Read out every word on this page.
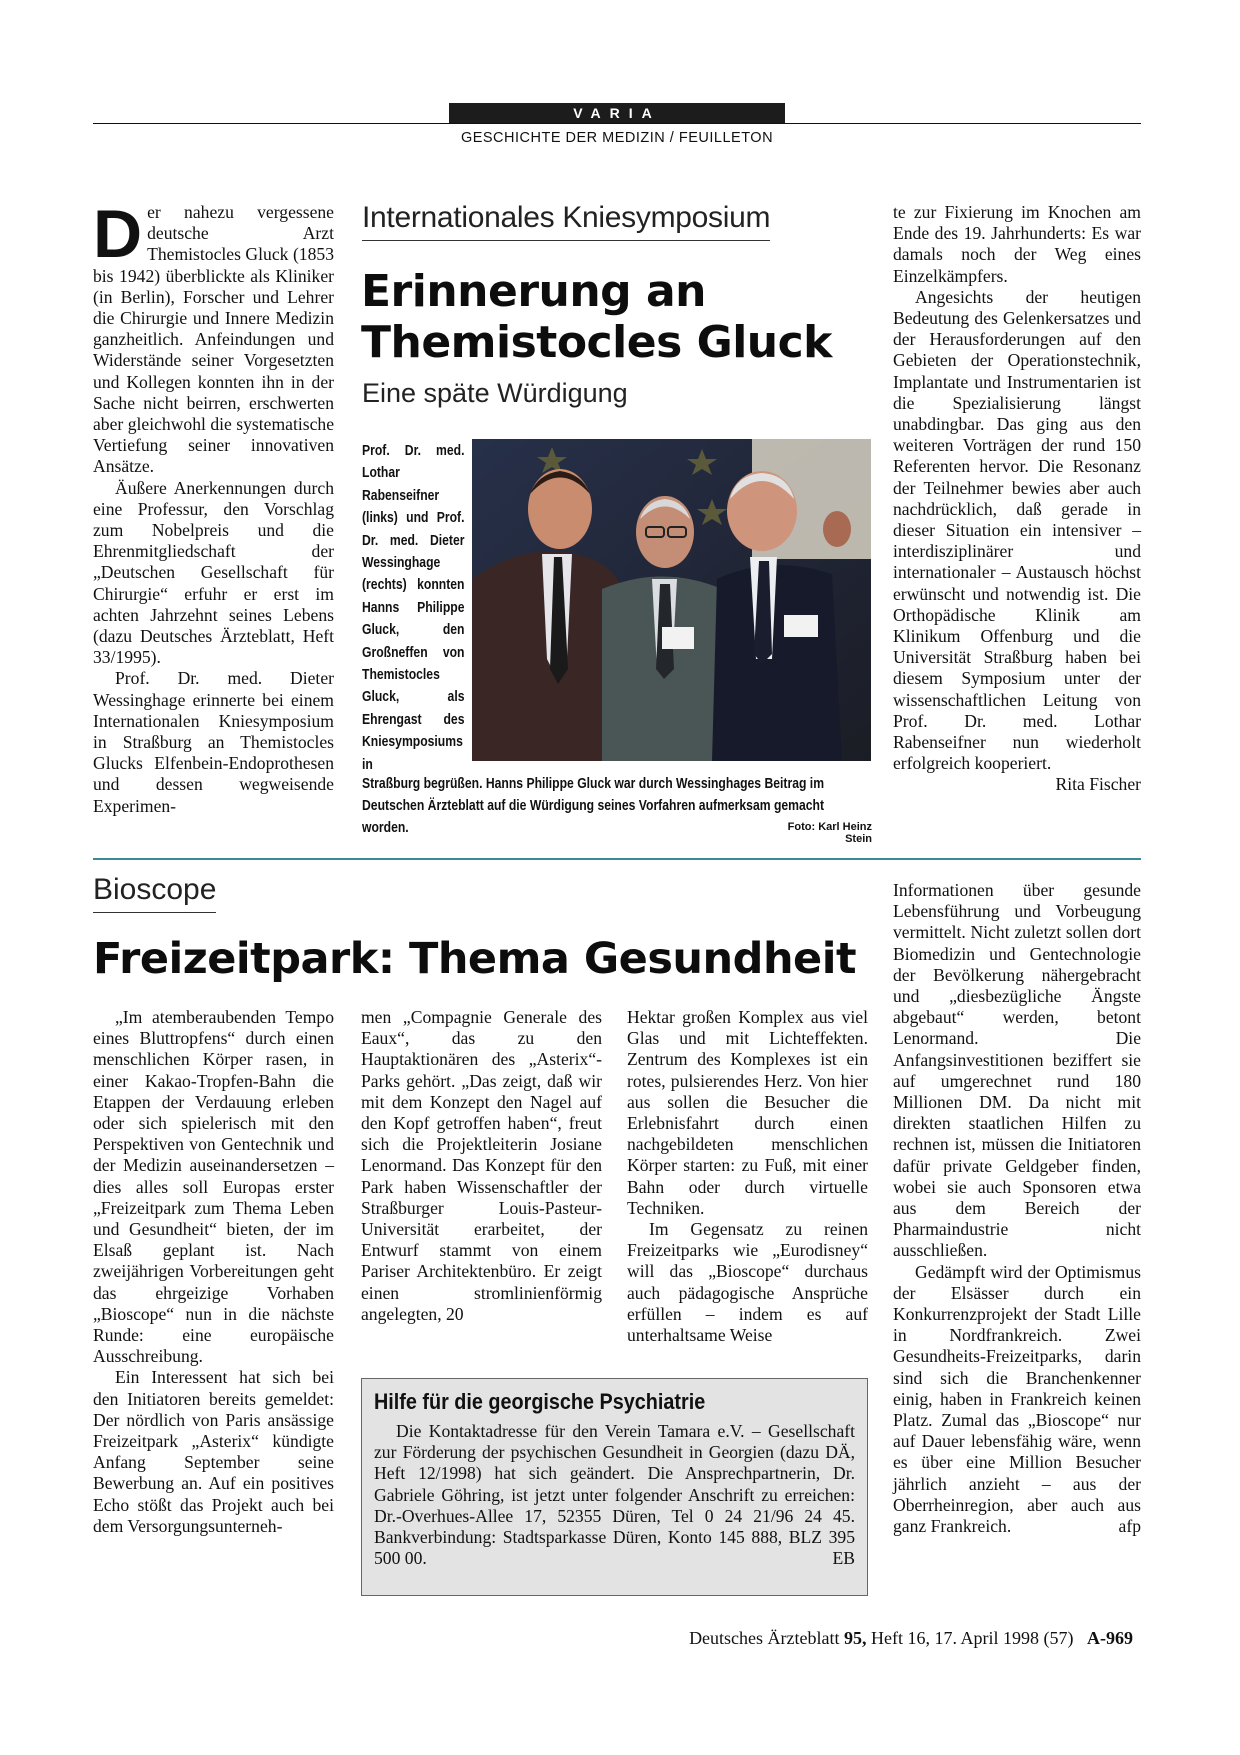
VARIA
GESCHICHTE DER MEDIZIN / FEUILLETON

Der nahezu vergessene deutsche Arzt Themistocles Gluck (1853 bis 1942) überblickte als Kliniker (in Berlin), Forscher und Lehrer die Chirurgie und Innere Medizin ganzheitlich. Anfeindungen und Widerstände seiner Vorgesetzten und Kollegen konnten ihn in der Sache nicht beirren, erschwerten aber gleichwohl die systematische Vertiefung seiner innovativen Ansätze.

Äußere Anerkennungen durch eine Professur, den Vorschlag zum Nobelpreis und die Ehrenmitgliedschaft der „Deutschen Gesellschaft für Chirurgie“ erfuhr er erst im achten Jahrzehnt seines Lebens (dazu Deutsches Ärzteblatt, Heft 33/1995).

Prof. Dr. med. Dieter Wessinghage erinnerte bei einem Internationalen Kniesymposium in Straßburg an Themistocles Glucks Elfenbein-Endoprothesen und dessen wegweisende Experimen-

Internationales Kniesymposium
Erinnerung an Themistocles Gluck
Eine späte Würdigung
Prof. Dr. med. Lothar Rabenseifner (links) und Prof. Dr. med. Dieter Wessinghage (rechts) konnten Hanns Philippe Gluck, den Großneffen von Themistocles Gluck, als Ehrengast des Kniesymposiums in
Straßburg begrüßen. Hanns Philippe Gluck war durch Wessinghages Beitrag im Deutschen Ärzteblatt auf die Würdigung seines Vorfahren aufmerksam gemacht worden.	Foto: Karl Heinz Stein

te zur Fixierung im Knochen am Ende des 19. Jahrhunderts: Es war damals noch der Weg eines Einzelkämpfers.

Angesichts der heutigen Bedeutung des Gelenkersatzes und der Herausforderungen auf den Gebieten der Operationstechnik, Implantate und Instrumentarien ist die Spezialisierung längst unabdingbar. Das ging aus den weiteren Vorträgen der rund 150 Referenten hervor. Die Resonanz der Teilnehmer bewies aber auch nachdrücklich, daß gerade in dieser Situation ein intensiver – interdisziplinärer und internationaler – Austausch höchst erwünscht und notwendig ist. Die Orthopädische Klinik am Klinikum Offenburg und die Universität Straßburg haben bei diesem Symposium unter der wissenschaftlichen Leitung von Prof. Dr. med. Lothar Rabenseifner nun wiederholt erfolgreich kooperiert.
Rita Fischer

Bioscope
Freizeitpark: Thema Gesundheit

„Im atemberaubenden Tempo eines Bluttropfens“ durch einen menschlichen Körper rasen, in einer Kakao-Tropfen-Bahn die Etappen der Verdauung erleben oder sich spielerisch mit den Perspektiven von Gentechnik und der Medizin auseinandersetzen – dies alles soll Europas erster „Freizeitpark zum Thema Leben und Gesundheit“ bieten, der im Elsaß geplant ist. Nach zweijährigen Vorbereitungen geht das ehrgeizige Vorhaben „Bioscope“ nun in die nächste Runde: eine europäische Ausschreibung.

Ein Interessent hat sich bei den Initiatoren bereits gemeldet: Der nördlich von Paris ansässige Freizeitpark „Asterix“ kündigte Anfang September seine Bewerbung an. Auf ein positives Echo stößt das Projekt auch bei dem Versorgungsunterneh-

men „Compagnie Generale des Eaux“, das zu den Hauptaktionären des „Asterix“-Parks gehört. „Das zeigt, daß wir mit dem Konzept den Nagel auf den Kopf getroffen haben“, freut sich die Projektleiterin Josiane Lenormand. Das Konzept für den Park haben Wissenschaftler der Straßburger Louis-Pasteur-Universität erarbeitet, der Entwurf stammt von einem Pariser Architektenbüro. Er zeigt einen stromlinienförmig angelegten, 20

Hektar großen Komplex aus viel Glas und mit Lichteffekten. Zentrum des Komplexes ist ein rotes, pulsierendes Herz. Von hier aus sollen die Besucher die Erlebnisfahrt durch einen nachgebildeten menschlichen Körper starten: zu Fuß, mit einer Bahn oder durch virtuelle Techniken.

Im Gegensatz zu reinen Freizeitparks wie „Eurodisney“ will das „Bioscope“ durchaus auch pädagogische Ansprüche erfüllen – indem es auf unterhaltsame Weise

Informationen über gesunde Lebensführung und Vorbeugung vermittelt. Nicht zuletzt sollen dort Biomedizin und Gentechnologie der Bevölkerung nähergebracht und „diesbezügliche Ängste abgebaut“ werden, betont Lenormand. Die Anfangsinvestitionen beziffert sie auf umgerechnet rund 180 Millionen DM. Da nicht mit direkten staatlichen Hilfen zu rechnen ist, müssen die Initiatoren dafür private Geldgeber finden, wobei sie auch Sponsoren etwa aus dem Bereich der Pharmaindustrie nicht ausschließen.

Gedämpft wird der Optimismus der Elsässer durch ein Konkurrenzprojekt der Stadt Lille in Nordfrankreich. Zwei Gesundheits-Freizeitparks, darin sind sich die Branchenkenner einig, haben in Frankreich keinen Platz. Zumal das „Bioscope“ nur auf Dauer lebensfähig wäre, wenn es über eine Million Besucher jährlich anzieht – aus der Oberrheinregion, aber auch aus ganz Frankreich.	afp

Hilfe für die georgische Psychiatrie
Die Kontaktadresse für den Verein Tamara e.V. – Gesellschaft zur Förderung der psychischen Gesundheit in Georgien (dazu DÄ, Heft 12/1998) hat sich geändert. Die Ansprechpartnerin, Dr. Gabriele Göhring, ist jetzt unter folgender Anschrift zu erreichen: Dr.-Overhues-Allee 17, 52355 Düren, Tel 0 24 21/96 24 45. Bankverbindung: Stadtsparkasse Düren, Konto 145 888, BLZ 395 500 00.	EB
Deutsches Ärzteblatt 95, Heft 16, 17. April 1998 (57) A-969
